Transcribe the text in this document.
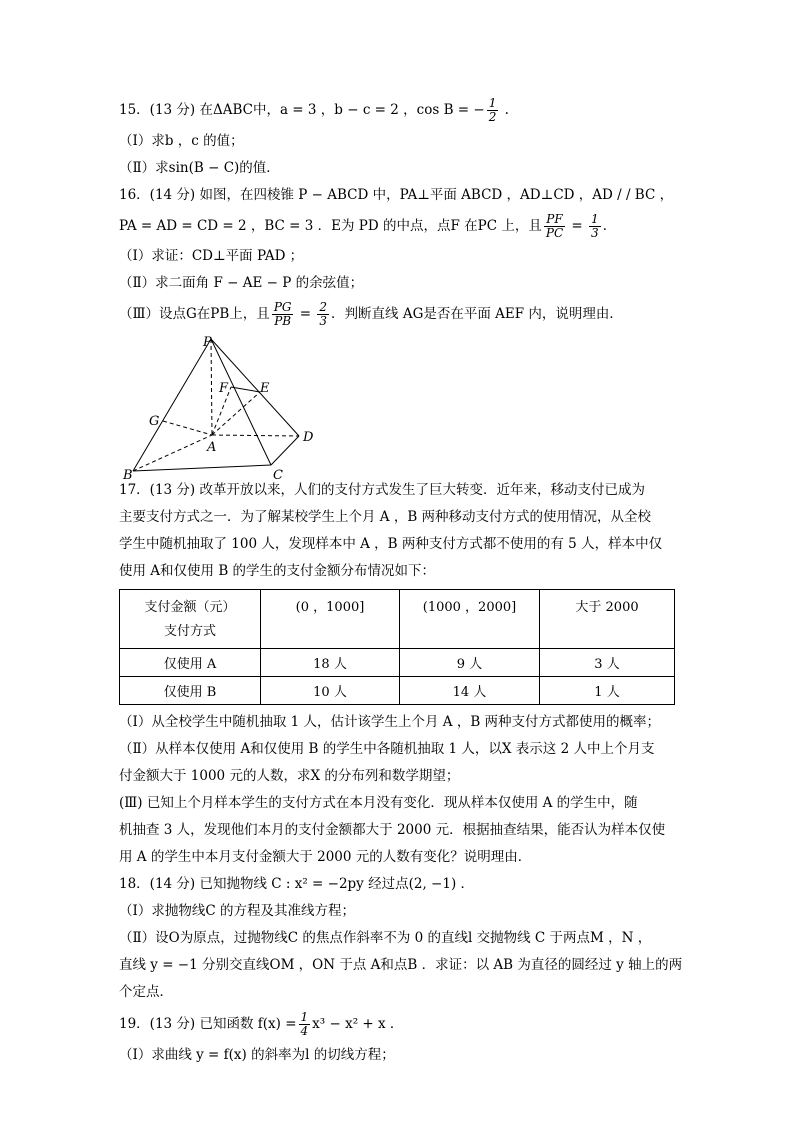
15．(13 分) 在ΔABC中，a = 3 ，b − c = 2 ，cos B = − $\frac{1}{2}$ .
（Ⅰ）求b ，c 的值；
（Ⅱ）求sin(B − C)的值．
16．(14 分) 如图，在四棱锥 P − ABCD 中，PA⊥平面 ABCD ，AD⊥CD ，AD / / BC ，
PA = AD = CD = 2 ，BC = 3 ．E为 PD 的中点，点F 在PC 上，且 $\frac{PF}{PC} = \frac{1}{3}$ ．
（Ⅰ）求证：CD⊥平面 PAD ；
（Ⅱ）求二面角 F − AE − P 的余弦值；
（Ⅲ）设点G在PB上，且 $\frac{PG}{PB} = \frac{2}{3}$ ．判断直线 AG是否在平面 AEF 内，说明理由．
P
F E
G
A
D
B	C
17．(13 分) 改革开放以来，人们的支付方式发生了巨大转变．近年来，移动支付已成为
主要支付方式之一．为了解某校学生上个月 A ，B 两种移动支付方式的使用情况，从全校
学生中随机抽取了 100 人，发现样本中 A ，B 两种支付方式都不使用的有 5 人，样本中仅
使用 A和仅使用 B 的学生的支付金额分布情况如下：
支付金额（元）
支付方式	(0 ，1000]	(1000 ，2000]	大于 2000
仅使用 A	18 人	9 人	3 人
仅使用 B	10 人	14 人	1 人
（Ⅰ）从全校学生中随机抽取 1 人，估计该学生上个月 A ，B 两种支付方式都使用的概率；
（Ⅱ）从样本仅使用 A和仅使用 B 的学生中各随机抽取 1 人，以X 表示这 2 人中上个月支
付金额大于 1000 元的人数，求X 的分布列和数学期望；
(Ⅲ) 已知上个月样本学生的支付方式在本月没有变化．现从样本仅使用 A 的学生中，随
机抽查 3 人，发现他们本月的支付金额都大于 2000 元．根据抽查结果，能否认为样本仅使
用 A 的学生中本月支付金额大于 2000 元的人数有变化？说明理由．
18．(14 分) 已知抛物线 C : x² = −2py 经过点(2, −1) ．
（Ⅰ）求抛物线C 的方程及其准线方程；
（Ⅱ）设O为原点，过抛物线C 的焦点作斜率不为 0 的直线l 交抛物线 C 于两点M ，N ，
直线 y = −1 分别交直线OM ，ON 于点 A和点B ．求证：以 AB 为直径的圆经过 y 轴上的两
个定点．
19．(13 分) 已知函数 $f(x) = \frac{1}{4} x^3 - x^2 + x$ ．
（Ⅰ）求曲线 y = f(x) 的斜率为l 的切线方程；
